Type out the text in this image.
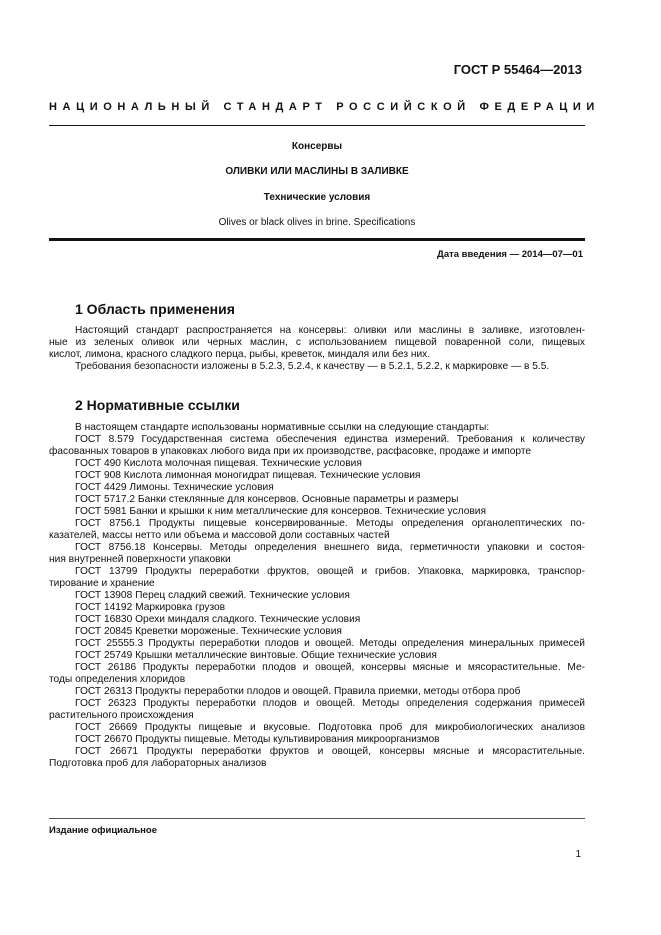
ГОСТ Р 55464—2013
НАЦИОНАЛЬНЫЙ СТАНДАРТ РОССИЙСКОЙ ФЕДЕРАЦИИ
Консервы
ОЛИВКИ ИЛИ МАСЛИНЫ В ЗАЛИВКЕ
Технические условия
Olives or black olives in brine. Specifications
Дата введения — 2014—07—01
1 Область применения
Настоящий стандарт распространяется на консервы: оливки или маслины в заливке, изготовлен-
ные из зеленых оливок или черных маслин, с использованием пищевой поваренной соли, пищевых
кислот, лимона, красного сладкого перца, рыбы, креветок, миндаля или без них.
Требования безопасности изложены в 5.2.3, 5.2.4, к качеству — в 5.2.1, 5.2.2, к маркировке — в 5.5.
2 Нормативные ссылки
В настоящем стандарте использованы нормативные ссылки на следующие стандарты:
ГОСТ 8.579 Государственная система обеспечения единства измерений. Требования к количеству
фасованных товаров в упаковках любого вида при их производстве, расфасовке, продаже и импорте
ГОСТ 490 Кислота молочная пищевая. Технические условия
ГОСТ 908 Кислота лимонная моногидрат пищевая. Технические условия
ГОСТ 4429 Лимоны. Технические условия
ГОСТ 5717.2 Банки стеклянные для консервов. Основные параметры и размеры
ГОСТ 5981 Банки и крышки к ним металлические для консервов. Технические условия
ГОСТ 8756.1 Продукты пищевые консервированные. Методы определения органолептических по-
казателей, массы нетто или объема и массовой доли составных частей
ГОСТ 8756.18 Консервы. Методы определения внешнего вида, герметичности упаковки и состоя-
ния внутренней поверхности упаковки
ГОСТ 13799 Продукты переработки фруктов, овощей и грибов. Упаковка, маркировка, транспор-
тирование и хранение
ГОСТ 13908 Перец сладкий свежий. Технические условия
ГОСТ 14192 Маркировка грузов
ГОСТ 16830 Орехи миндаля сладкого. Технические условия
ГОСТ 20845 Креветки мороженые. Технические условия
ГОСТ 25555.3 Продукты переработки плодов и овощей. Методы определения минеральных примесей
ГОСТ 25749 Крышки металлические винтовые. Общие технические условия
ГОСТ 26186 Продукты переработки плодов и овощей, консервы мясные и мясорастительные. Ме-
тоды определения хлоридов
ГОСТ 26313 Продукты переработки плодов и овощей. Правила приемки, методы отбора проб
ГОСТ 26323 Продукты переработки плодов и овощей. Методы определения содержания примесей
растительного происхождения
ГОСТ 26669 Продукты пищевые и вкусовые. Подготовка проб для микробиологических анализов
ГОСТ 26670 Продукты пищевые. Методы культивирования микроорганизмов
ГОСТ 26671 Продукты переработки фруктов и овощей, консервы мясные и мясорастительные.
Подготовка проб для лабораторных анализов
Издание официальное
1
